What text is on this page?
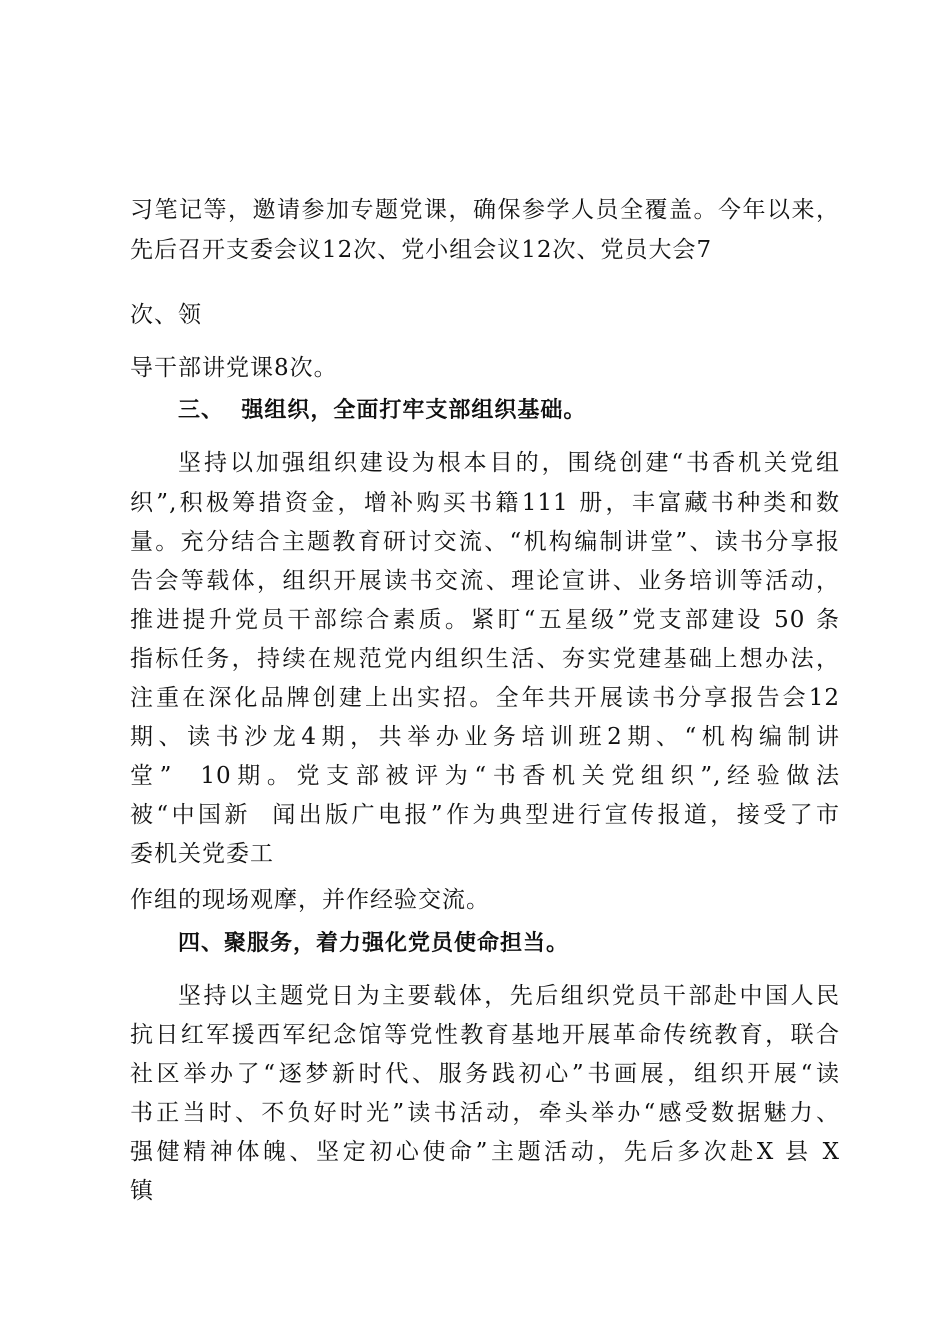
习笔记等，邀请参加专题党课，确保参学人员全覆盖。今年以来，
先后召开支委会议12次、党小组会议12次、党员大会7
次、领
导干部讲党课8次。
三、  强组织，全面打牢支部组织基础。
坚持以加强组织建设为根本目的，围绕创建“书香机关党组
织”,积极筹措资金，增补购买书籍111 册，丰富藏书种类和数
量。充分结合主题教育研讨交流、“机构编制讲堂”、读书分享报
告会等载体，组织开展读书交流、理论宣讲、业务培训等活动，
推进提升党员干部综合素质。紧盯“五星级”党支部建设 50 条
指标任务，持续在规范党内组织生活、夯实党建基础上想办法，
注重在深化品牌创建上出实招。全年共开展读书分享报告会12
期、读书沙龙4期，共举办业务培训班2期、“机构编制讲
堂”  10期。党支部被评为“书香机关党组织”,经验做法
被“中国新  闻出版广电报”作为典型进行宣传报道，接受了市
委机关党委工
作组的现场观摩，并作经验交流。
四、聚服务，着力强化党员使命担当。
坚持以主题党日为主要载体，先后组织党员干部赴中国人民
抗日红军援西军纪念馆等党性教育基地开展革命传统教育，联合
社区举办了“逐梦新时代、服务践初心”书画展，组织开展“读
书正当时、不负好时光”读书活动，牵头举办“感受数据魅力、
强健精神体魄、坚定初心使命”主题活动，先后多次赴X 县 X
镇
